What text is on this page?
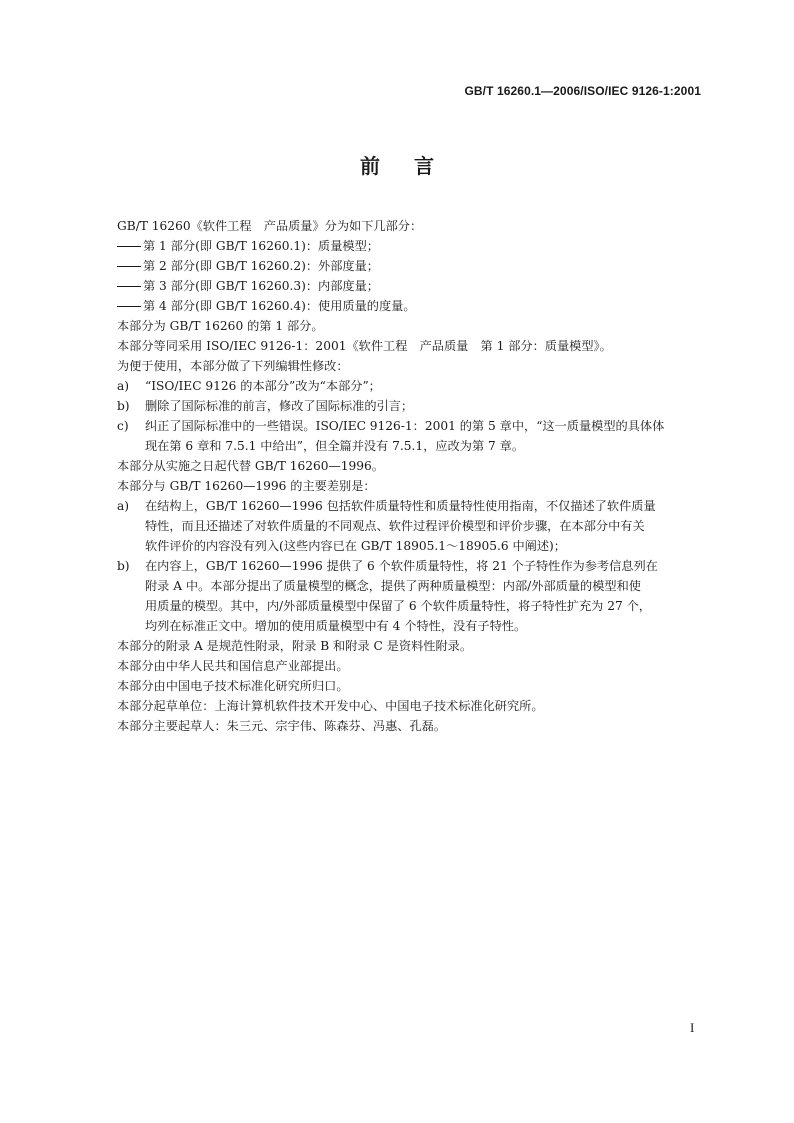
GB/T 16260.1—2006/ISO/IEC 9126-1:2001
前言

GB/T 16260《软件工程　产品质量》分为如下几部分：

第 1 部分(即 GB/T 16260.1)：质量模型；

第 2 部分(即 GB/T 16260.2)：外部度量；

第 3 部分(即 GB/T 16260.3)：内部度量；

第 4 部分(即 GB/T 16260.4)：使用质量的度量。

本部分为 GB/T 16260 的第 1 部分。

本部分等同采用 ISO/IEC 9126-1：2001《软件工程　产品质量　第 1 部分：质量模型》。

为便于使用，本部分做了下列编辑性修改：

a)	“ISO/IEC 9126 的本部分”改为“本部分”；
b)	删除了国际标准的前言，修改了国际标准的引言；
c)	纠正了国际标准中的一些错误。ISO/IEC 9126-1：2001 的第 5 章中，“这一质量模型的具体体
现在第 6 章和 7.5.1 中给出”，但全篇并没有 7.5.1，应改为第 7 章。

本部分从实施之日起代替 GB/T 16260—1996。

本部分与 GB/T 16260—1996 的主要差别是：

a)	在结构上，GB/T 16260—1996 包括软件质量特性和质量特性使用指南，不仅描述了软件质量
特性，而且还描述了对软件质量的不同观点、软件过程评价模型和评价步骤，在本部分中有关
软件评价的内容没有列入(这些内容已在 GB/T 18905.1～18905.6 中阐述)；
b)	在内容上，GB/T 16260—1996 提供了 6 个软件质量特性，将 21 个子特性作为参考信息列在
附录 A 中。本部分提出了质量模型的概念，提供了两种质量模型：内部/外部质量的模型和使
用质量的模型。其中，内/外部质量模型中保留了 6 个软件质量特性，将子特性扩充为 27 个，
均列在标准正文中。增加的使用质量模型中有 4 个特性，没有子特性。

本部分的附录 A 是规范性附录，附录 B 和附录 C 是资料性附录。

本部分由中华人民共和国信息产业部提出。

本部分由中国电子技术标准化研究所归口。

本部分起草单位：上海计算机软件技术开发中心、中国电子技术标准化研究所。

本部分主要起草人：朱三元、宗宇伟、陈森芬、冯惠、孔磊。

I
